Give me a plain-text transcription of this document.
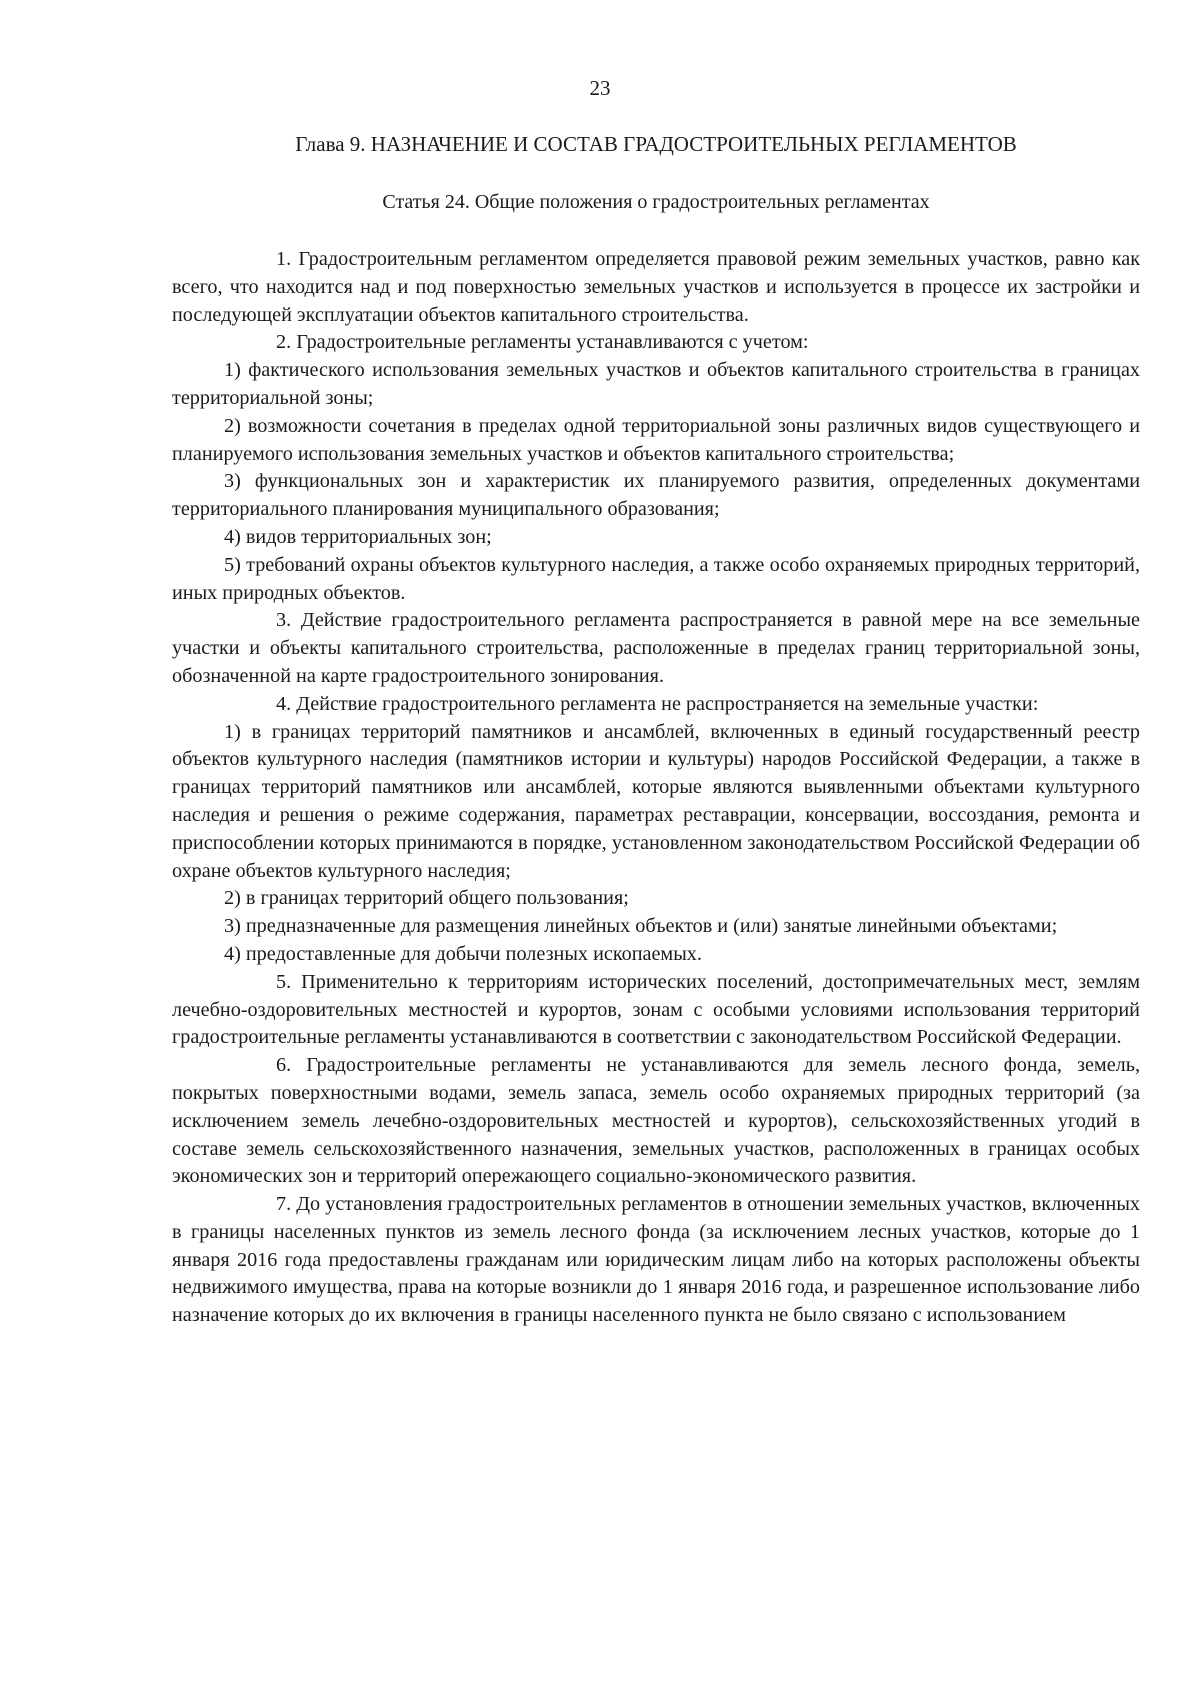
23
Глава 9. НАЗНАЧЕНИЕ И СОСТАВ ГРАДОСТРОИТЕЛЬНЫХ РЕГЛАМЕНТОВ
Статья 24. Общие положения о градостроительных регламентах

1. Градостроительным регламентом определяется правовой режим земельных участков, равно как всего, что находится над и под поверхностью земельных участков и используется в процессе их застройки и последующей эксплуатации объектов капитального строительства.

2. Градостроительные регламенты устанавливаются с учетом:

1) фактического использования земельных участков и объектов капитального строительства в границах территориальной зоны;

2) возможности сочетания в пределах одной территориальной зоны различных видов существующего и планируемого использования земельных участков и объектов капитального строительства;

3) функциональных зон и характеристик их планируемого развития, определенных документами территориального планирования муниципального образования;

4) видов территориальных зон;

5) требований охраны объектов культурного наследия, а также особо охраняемых природных территорий, иных природных объектов.

3. Действие градостроительного регламента распространяется в равной мере на все земельные участки и объекты капитального строительства, расположенные в пределах границ территориальной зоны, обозначенной на карте градостроительного зонирования.

4. Действие градостроительного регламента не распространяется на земельные участки:

1) в границах территорий памятников и ансамблей, включенных в единый государственный реестр объектов культурного наследия (памятников истории и культуры) народов Российской Федерации, а также в границах территорий памятников или ансамблей, которые являются выявленными объектами культурного наследия и решения о режиме содержания, параметрах реставрации, консервации, воссоздания, ремонта и приспособлении которых принимаются в порядке, установленном законодательством Российской Федерации об охране объектов культурного наследия;

2) в границах территорий общего пользования;

3) предназначенные для размещения линейных объектов и (или) занятые линейными объектами;

4) предоставленные для добычи полезных ископаемых.

5. Применительно к территориям исторических поселений, достопримечательных мест, землям лечебно-оздоровительных местностей и курортов, зонам с особыми условиями использования территорий градостроительные регламенты устанавливаются в соответствии с законодательством Российской Федерации.

6. Градостроительные регламенты не устанавливаются для земель лесного фонда, земель, покрытых поверхностными водами, земель запаса, земель особо охраняемых природных территорий (за исключением земель лечебно-оздоровительных местностей и курортов), сельскохозяйственных угодий в составе земель сельскохозяйственного назначения, земельных участков, расположенных в границах особых экономических зон и территорий опережающего социально-экономического развития.

7. До установления градостроительных регламентов в отношении земельных участков, включенных в границы населенных пунктов из земель лесного фонда (за исключением лесных участков, которые до 1 января 2016 года предоставлены гражданам или юридическим лицам либо на которых расположены объекты недвижимого имущества, права на которые возникли до 1 января 2016 года, и разрешенное использование либо назначение которых до их включения в границы населенного пункта не было связано с использованием
